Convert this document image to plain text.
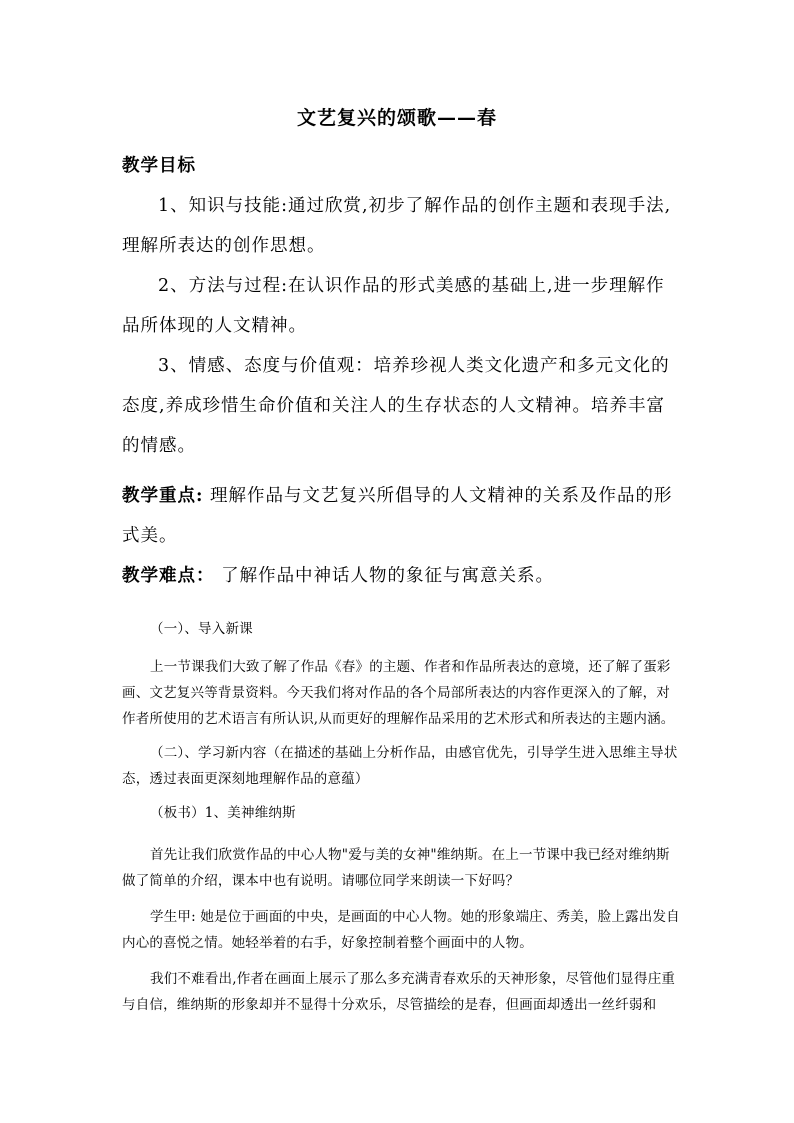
文艺复兴的颂歌——春
教学目标
1、知识与技能:通过欣赏,初步了解作品的创作主题和表现手法,理解所表达的创作思想。
2、方法与过程:在认识作品的形式美感的基础上,进一步理解作品所体现的人文精神。
3、情感、态度与价值观：培养珍视人类文化遗产和多元文化的态度,养成珍惜生命价值和关注人的生存状态的人文精神。培养丰富的情感。
教学重点: 理解作品与文艺复兴所倡导的人文精神的关系及作品的形式美。
教学难点： 了解作品中神话人物的象征与寓意关系。
（一）、导入新课
上一节课我们大致了解了作品《春》的主题、作者和作品所表达的意境，还了解了蛋彩画、文艺复兴等背景资料。今天我们将对作品的各个局部所表达的内容作更深入的了解，对作者所使用的艺术语言有所认识,从而更好的理解作品采用的艺术形式和所表达的主题内涵。
（二）、学习新内容（在描述的基础上分析作品，由感官优先，引导学生进入思维主导状态，透过表面更深刻地理解作品的意蕴）
（板书）1、美神维纳斯
首先让我们欣赏作品的中心人物"爱与美的女神"维纳斯。在上一节课中我已经对维纳斯做了简单的介绍，课本中也有说明。请哪位同学来朗读一下好吗？
学生甲: 她是位于画面的中央，是画面的中心人物。她的形象端庄、秀美，脸上露出发自内心的喜悦之情。她轻举着的右手，好象控制着整个画面中的人物。
我们不难看出,作者在画面上展示了那么多充满青春欢乐的天神形象，尽管他们显得庄重与自信，维纳斯的形象却并不显得十分欢乐，尽管描绘的是春，但画面却透出一丝纤弱和
